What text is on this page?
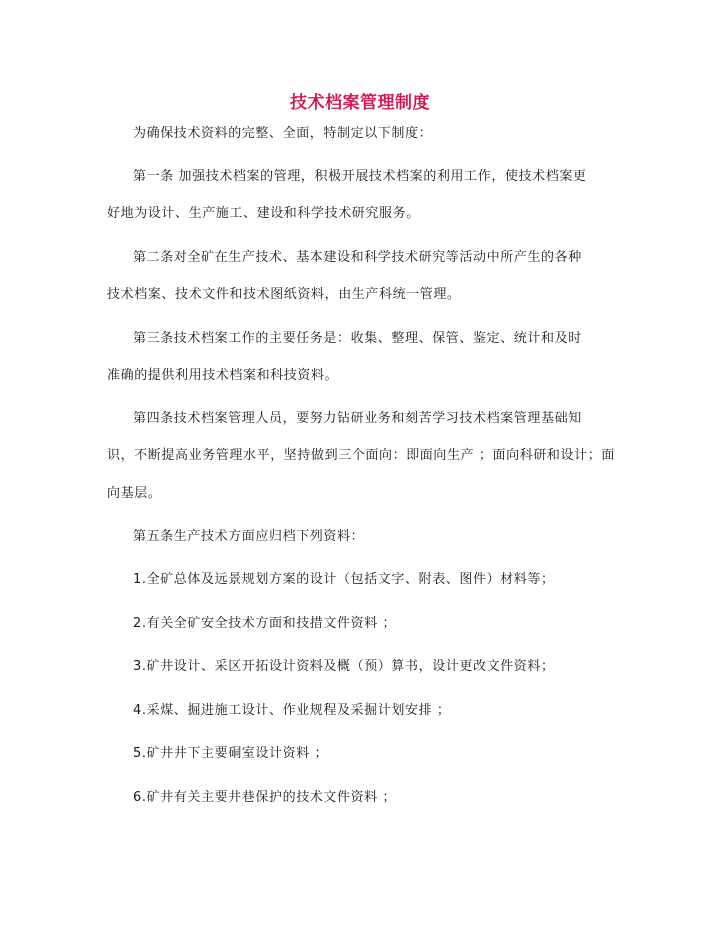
技术档案管理制度
为确保技术资料的完整、全面，特制定以下制度：
第一条 加强技术档案的管理，积极开展技术档案的利用工作，使技术档案更
好地为设计、生产施工、建设和科学技术研究服务。
第二条对全矿在生产技术、基本建设和科学技术研究等活动中所产生的各种
技术档案、技术文件和技术图纸资料，由生产科统一管理。
第三条技术档案工作的主要任务是：收集、整理、保管、鉴定、统计和及时
准确的提供利用技术档案和科技资料。
第四条技术档案管理人员，要努力钻研业务和刻苦学习技术档案管理基础知
识，不断提高业务管理水平，坚持做到三个面向：即面向生产 ；面向科研和设计；面
向基层。
第五条生产技术方面应归档下列资料：
1.全矿总体及远景规划方案的设计（包括文字、附表、图件）材料等；
2.有关全矿安全技术方面和技措文件资料 ；
3.矿井设计、采区开拓设计资料及概（预）算书，设计更改文件资料；
4.采煤、掘进施工设计、作业规程及采掘计划安排 ；
5.矿井井下主要硐室设计资料 ；
6.矿井有关主要井巷保护的技术文件资料 ；
